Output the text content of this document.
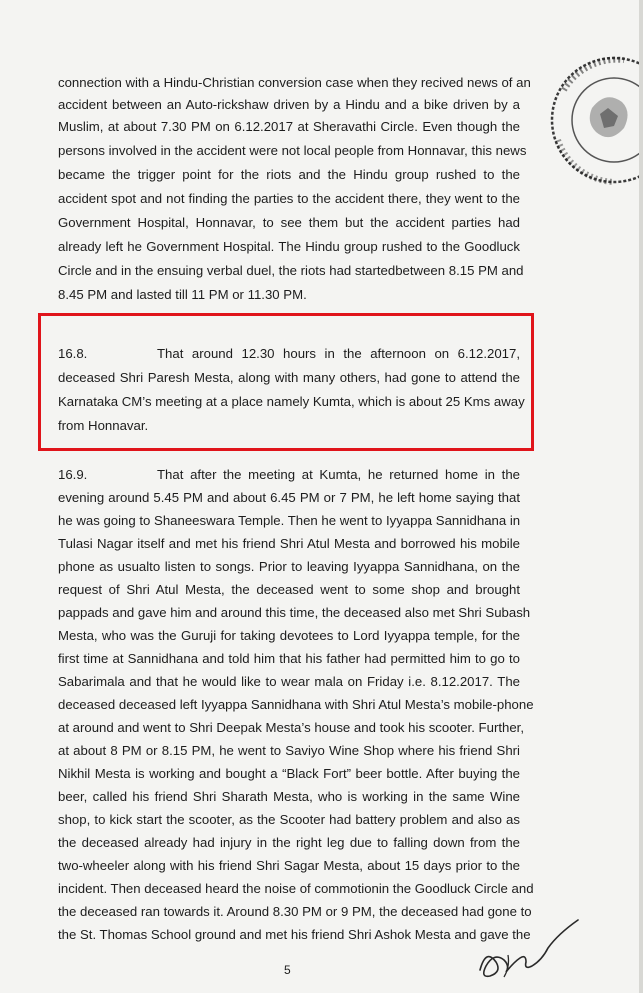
connection with a Hindu-Christian conversion case when they recived news of an
accident between an Auto-rickshaw driven by a Hindu and a bike driven by a
Muslim, at about 7.30 PM on 6.12.2017 at Sheravathi Circle. Even though the
persons involved in the accident were not local people from Honnavar, this news
became the trigger point for the riots and the Hindu group rushed to the
accident spot and not finding the parties to the accident there, they went to the
Government Hospital, Honnavar, to see them but the accident parties had
already left he Government Hospital. The Hindu group rushed to the Goodluck
Circle and in the ensuing verbal duel, the riots had startedbetween 8.15 PM and
8.45 PM and lasted till 11 PM or 11.30 PM.
16.8.	That around 12.30 hours in the afternoon on 6.12.2017,
deceased Shri Paresh Mesta, along with many others, had gone to attend the
Karnataka CM’s meeting at a place namely Kumta, which is about 25 Kms away
from Honnavar.
16.9.	That after the meeting at Kumta, he returned home in the
evening around 5.45 PM and about 6.45 PM or 7 PM, he left home saying that
he was going to Shaneeswara Temple. Then he went to Iyyappa Sannidhana in
Tulasi Nagar itself and met his friend Shri Atul Mesta and borrowed his mobile
phone as usualto listen to songs. Prior to leaving Iyyappa Sannidhana, on the
request of Shri Atul Mesta, the deceased went to some shop and brought
pappads and gave him and around this time, the deceased also met Shri Subash
Mesta, who was the Guruji for taking devotees to Lord Iyyappa temple, for the
first time at Sannidhana and told him that his father had permitted him to go to
Sabarimala and that he would like to wear mala on Friday i.e. 8.12.2017. The
deceased deceased left Iyyappa Sannidhana with Shri Atul Mesta’s mobile-phone
at around and went to Shri Deepak Mesta’s house and took his scooter. Further,
at about 8 PM or 8.15 PM, he went to Saviyo Wine Shop where his friend Shri
Nikhil Mesta is working and bought a “Black Fort” beer bottle. After buying the
beer, called his friend Shri Sharath Mesta, who is working in the same Wine
shop, to kick start the scooter, as the Scooter had battery problem and also as
the deceased already had injury in the right leg due to falling down from the
two-wheeler along with his friend Shri Sagar Mesta, about 15 days prior to the
incident. Then deceased heard the noise of commotionin the Goodluck Circle and
the deceased ran towards it. Around 8.30 PM or 9 PM, the deceased had gone to
the St. Thomas School ground and met his friend Shri Ashok Mesta and gave the
5
